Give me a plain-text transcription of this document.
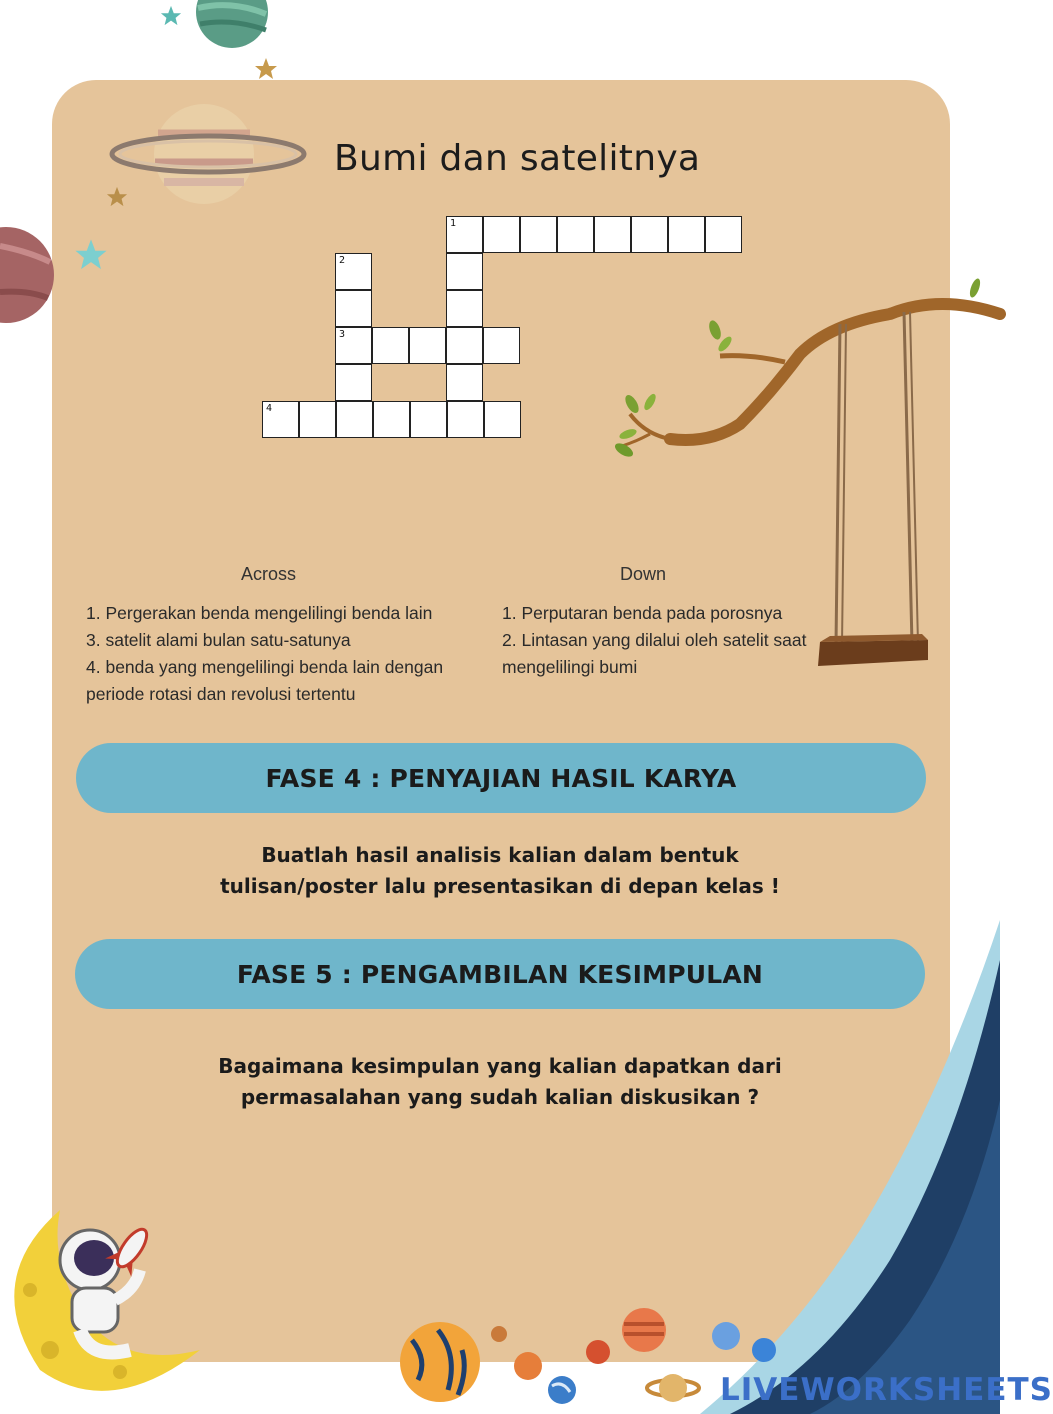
Bumi dan satelitnya
1
2
3
4
Across	Down
1. Pergerakan benda mengelilingi benda lain
3. satelit alami bulan satu-satunya
4. benda yang mengelilingi benda lain dengan
periode rotasi dan revolusi tertentu
1. Perputaran benda pada porosnya
2. Lintasan yang dilalui oleh satelit saat
mengelilingi bumi
FASE 4 : PENYAJIAN HASIL KARYA
Buatlah hasil analisis kalian dalam bentuk
tulisan/poster lalu presentasikan di depan kelas !
FASE 5 : PENGAMBILAN KESIMPULAN
Bagaimana kesimpulan yang kalian dapatkan dari
permasalahan yang sudah kalian diskusikan ?
LIVEWORKSHEETS
